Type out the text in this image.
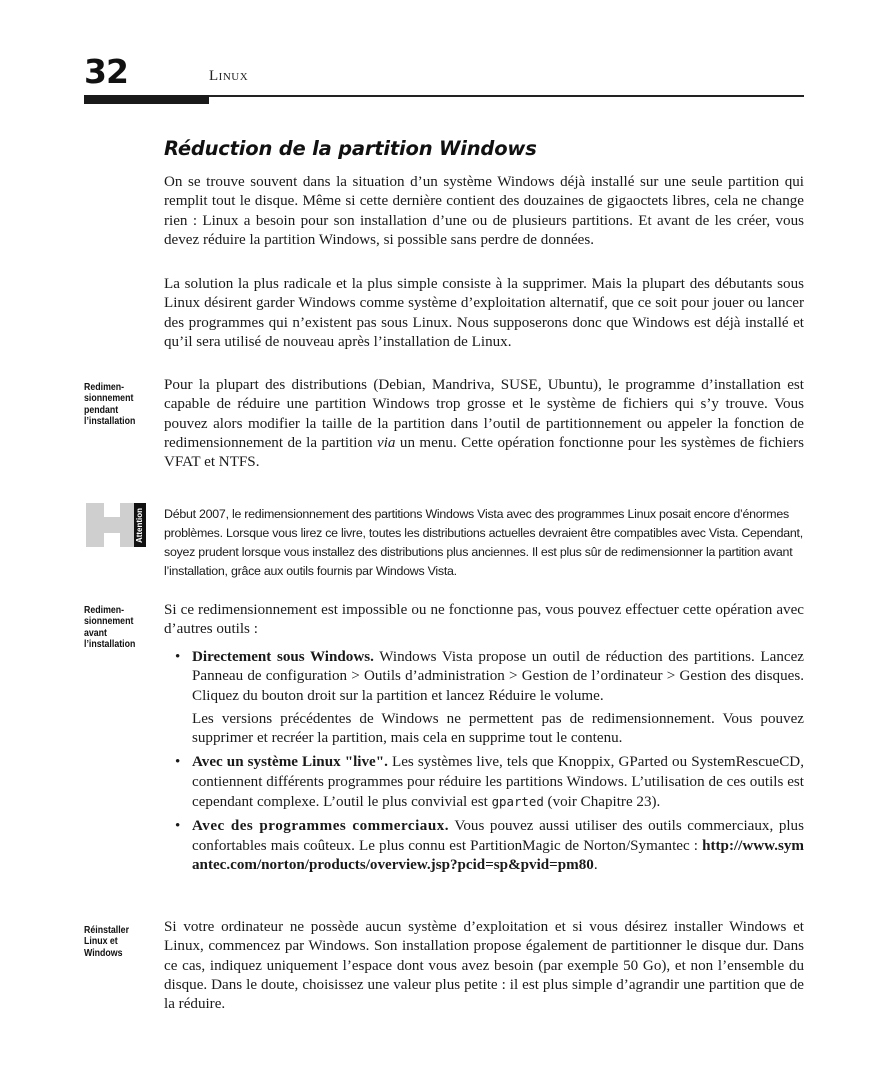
32	Linux
Réduction de la partition Windows

On se trouve souvent dans la situation d’un système Windows déjà installé sur une seule partition qui remplit tout le disque. Même si cette dernière contient des douzaines de gigaoctets libres, cela ne change rien : Linux a besoin pour son installation d’une ou de plusieurs partitions. Et avant de les créer, vous devez réduire la partition Windows, si possible sans perdre de données.

La solution la plus radicale et la plus simple consiste à la supprimer. Mais la plupart des débutants sous Linux désirent garder Windows comme système d’exploitation alternatif, que ce soit pour jouer ou lancer des programmes qui n’existent pas sous Linux. Nous supposerons donc que Windows est déjà installé et qu’il sera utilisé de nouveau après l’installation de Linux.

Redimen-
sionnement
pendant
l’installation

Pour la plupart des distributions (Debian, Mandriva, SUSE, Ubuntu), le programme d’installation est capable de réduire une partition Windows trop grosse et le système de fichiers qui s’y trouve. Vous pouvez alors modifier la taille de la partition dans l’outil de partitionnement ou appeler la fonction de redimensionnement de la partition via un menu. Cette opération fonctionne pour les systèmes de fichiers VFAT et NTFS.

Attention Début 2007, le redimensionnement des partitions Windows Vista avec des programmes Linux posait encore d’énormes problèmes. Lorsque vous lirez ce livre, toutes les distributions actuelles devraient être compatibles avec Vista. Cependant, soyez prudent lorsque vous installez des distributions plus anciennes. Il est plus sûr de redimensionner la partition avant l’installation, grâce aux outils fournis par Windows Vista.

Redimen-
sionnement
avant
l’installation

Si ce redimensionnement est impossible ou ne fonctionne pas, vous pouvez effectuer cette opération avec d’autres outils :

• Directement sous Windows. Windows Vista propose un outil de réduction des partitions. Lancez Panneau de configuration > Outils d’administration > Gestion de l’ordinateur > Gestion des disques. Cliquez du bouton droit sur la partition et lancez Réduire le volume.

Les versions précédentes de Windows ne permettent pas de redimensionnement. Vous pouvez supprimer et recréer la partition, mais cela en supprime tout le contenu.

• Avec un système Linux "live". Les systèmes live, tels que Knoppix, GParted ou SystemRescueCD, contiennent différents programmes pour réduire les partitions Windows. L’utilisation de ces outils est cependant complexe. L’outil le plus convivial est gparted (voir Chapitre 23).
• Avec des programmes commerciaux. Vous pouvez aussi utiliser des outils commerciaux, plus confortables mais coûteux. Le plus connu est PartitionMagic de Norton/Symantec : http://www.symantec.com/norton/products/overview.jsp?pcid=sp&pvid=pm80.
Réinstaller
Linux et
Windows

Si votre ordinateur ne possède aucun système d’exploitation et si vous désirez installer Windows et Linux, commencez par Windows. Son installation propose également de partitionner le disque dur. Dans ce cas, indiquez uniquement l’espace dont vous avez besoin (par exemple 50 Go), et non l’ensemble du disque. Dans le doute, choisissez une valeur plus petite : il est plus simple d’agrandir une partition que de la réduire.
